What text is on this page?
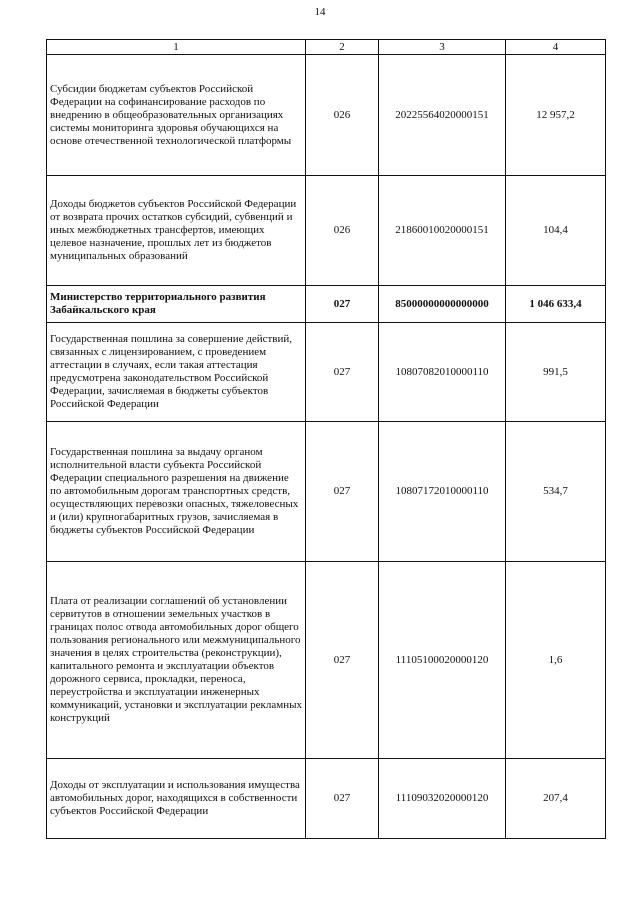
14
1	2	3	4
Субсидии бюджетам субъектов Российской Федерации на софинансирование расходов по внедрению в общеобразовательных организациях системы мониторинга здоровья обучающихся на основе отечественной технологической платформы	026	20225564020000151	12 957,2
Доходы бюджетов субъектов Российской Федерации от возврата прочих остатков субсидий, субвенций и иных межбюджетных трансфертов, имеющих целевое назначение, прошлых лет из бюджетов муниципальных образований	026	21860010020000151	104,4
Министерство территориального развития Забайкальского края	027	85000000000000000	1 046 633,4
Государственная пошлина за совершение действий, связанных с лицензированием, с проведением аттестации в случаях, если такая аттестация предусмотрена законодательством Российской Федерации, зачисляемая в бюджеты субъектов Российской Федерации	027	10807082010000110	991,5
Государственная пошлина за выдачу органом исполнительной власти субъекта Российской Федерации специального разрешения на движение по автомобильным дорогам транспортных средств, осуществляющих перевозки опасных, тяжеловесных и (или) крупногабаритных грузов, зачисляемая в бюджеты субъектов Российской Федерации	027	10807172010000110	534,7
Плата от реализации соглашений об установлении сервитутов в отношении земельных участков в границах полос отвода автомобильных дорог общего пользования регионального или межмуниципального значения в целях строительства (реконструкции), капитального ремонта и эксплуатации объектов дорожного сервиса, прокладки, переноса, переустройства и эксплуатации инженерных коммуникаций, установки и эксплуатации рекламных конструкций	027	11105100020000120	1,6
Доходы от эксплуатации и использования имущества автомобильных дорог, находящихся в собственности субъектов Российской Федерации	027	11109032020000120	207,4
